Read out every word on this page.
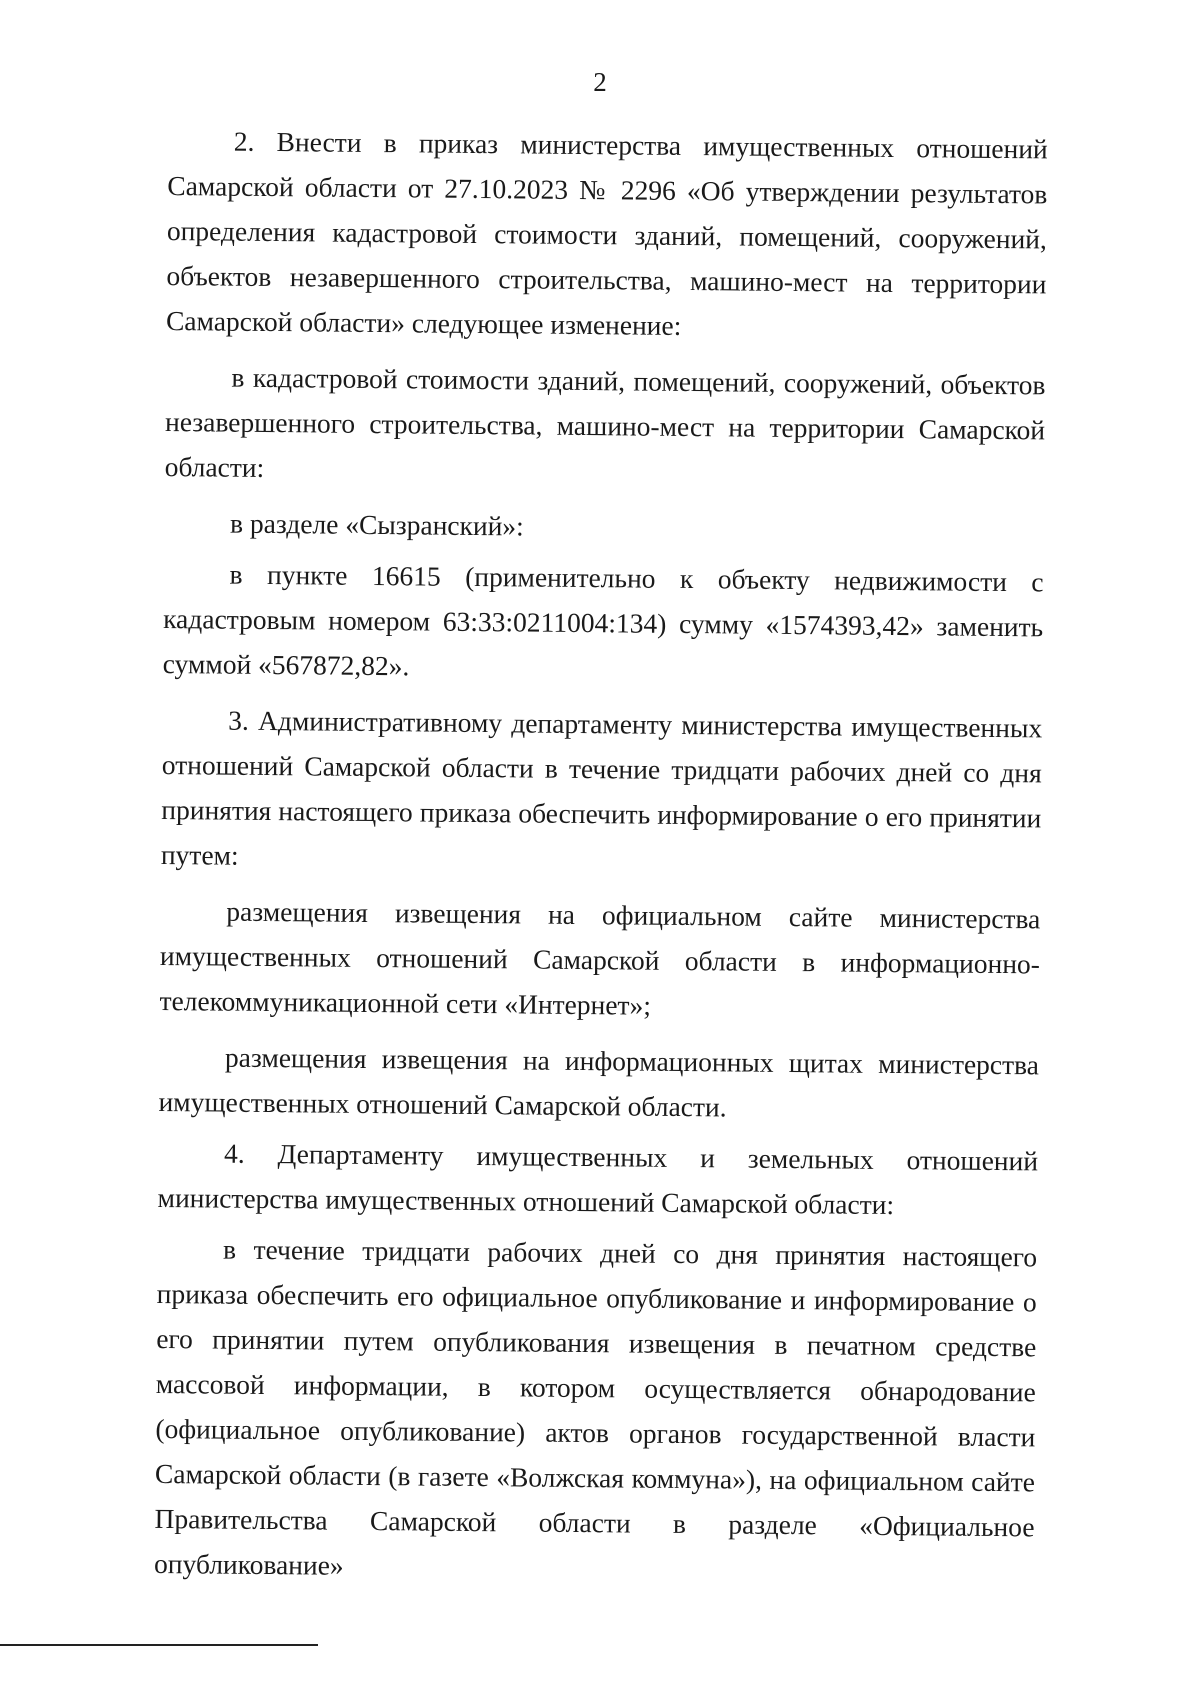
2

2. Внести в приказ министерства имущественных отношений Самарской области от 27.10.2023 № 2296 «Об утверждении результатов определения кадастровой стоимости зданий, помещений, сооружений, объектов незавершенного строительства, машино-мест на территории Самарской области» следующее изменение:

в кадастровой стоимости зданий, помещений, сооружений, объектов незавершенного строительства, машино-мест на территории Самарской области:

в разделе «Сызранский»:

в пункте 16615 (применительно к объекту недвижимости с кадастровым номером 63:33:0211004:134) сумму «1574393,42» заменить суммой «567872,82».

3. Административному департаменту министерства имущественных отношений Самарской области в течение тридцати рабочих дней со дня принятия настоящего приказа обеспечить информирование о его принятии путем:

размещения извещения на официальном сайте министерства имущественных отношений Самарской области в информационно-телекоммуникационной сети «Интернет»;

размещения извещения на информационных щитах министерства имущественных отношений Самарской области.

4. Департаменту имущественных и земельных отношений министерства имущественных отношений Самарской области:

в течение тридцати рабочих дней со дня принятия настоящего приказа обеспечить его официальное опубликование и информирование о его принятии путем опубликования извещения в печатном средстве массовой информации, в котором осуществляется обнародование (официальное опубликование) актов органов государственной власти Самарской области (в газете «Волжская коммуна»), на официальном сайте Правительства Самарской области в разделе «Официальное опубликование»
